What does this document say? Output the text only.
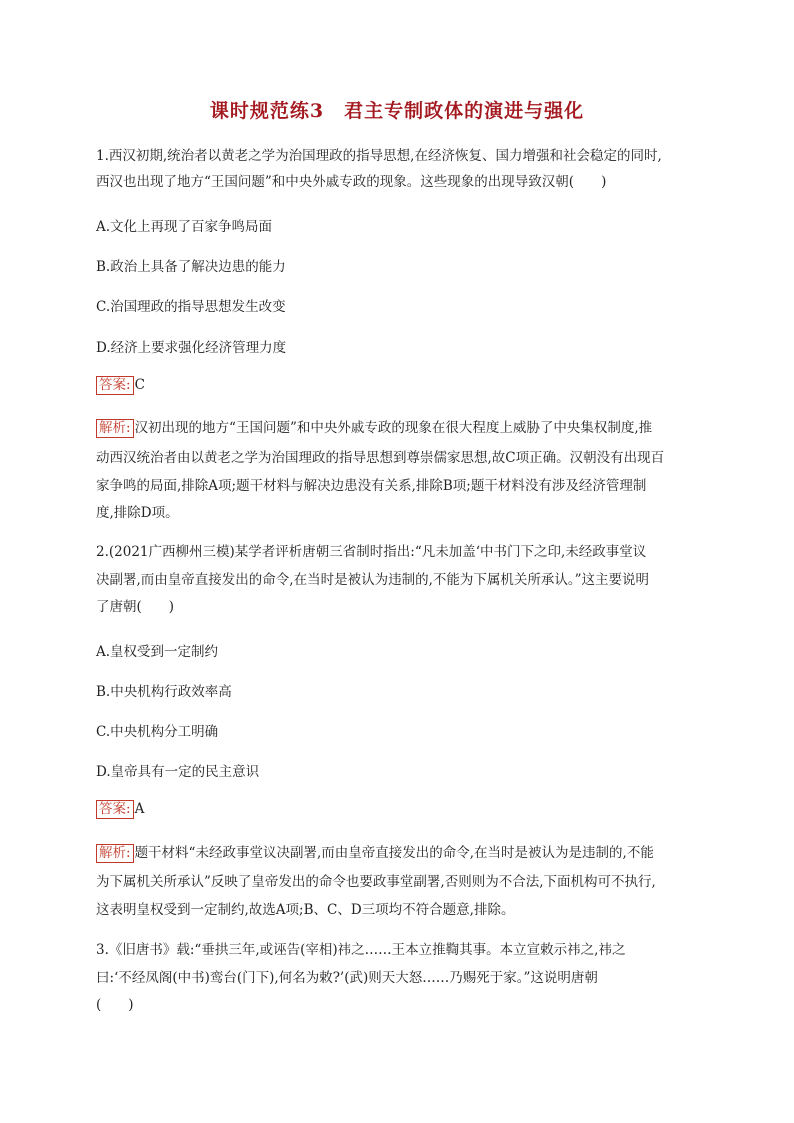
课时规范练3　君主专制政体的演进与强化
1.西汉初期,统治者以黄老之学为治国理政的指导思想,在经济恢复、国力增强和社会稳定的同时,
西汉也出现了地方“王国问题”和中央外戚专政的现象。这些现象的出现导致汉朝(　　)
A.文化上再现了百家争鸣局面
B.政治上具备了解决边患的能力
C.治国理政的指导思想发生改变
D.经济上要求强化经济管理力度
答案: C
解析: 汉初出现的地方“王国问题”和中央外戚专政的现象在很大程度上威胁了中央集权制度,推
动西汉统治者由以黄老之学为治国理政的指导思想到尊崇儒家思想,故C项正确。汉朝没有出现百
家争鸣的局面,排除A项;题干材料与解决边患没有关系,排除B项;题干材料没有涉及经济管理制
度,排除D项。
2.(2021广西柳州三模)某学者评析唐朝三省制时指出:“凡未加盖‘中书门下之印,未经政事堂议
决副署,而由皇帝直接发出的命令,在当时是被认为违制的,不能为下属机关所承认。”这主要说明
了唐朝(　　)
A.皇权受到一定制约
B.中央机构行政效率高
C.中央机构分工明确
D.皇帝具有一定的民主意识
答案: A
解析: 题干材料“未经政事堂议决副署,而由皇帝直接发出的命令,在当时是被认为是违制的,不能
为下属机关所承认”反映了皇帝发出的命令也要政事堂副署,否则则为不合法,下面机构可不执行,
这表明皇权受到一定制约,故选A项;B、C、D三项均不符合题意,排除。
3.《旧唐书》载:“垂拱三年,或诬告(宰相)祎之……王本立推鞫其事。本立宣敕示祎之,祎之
曰:‘不经凤阁(中书)鸾台(门下),何名为敕?’(武)则天大怒……乃赐死于家。”这说明唐朝
(　　)
